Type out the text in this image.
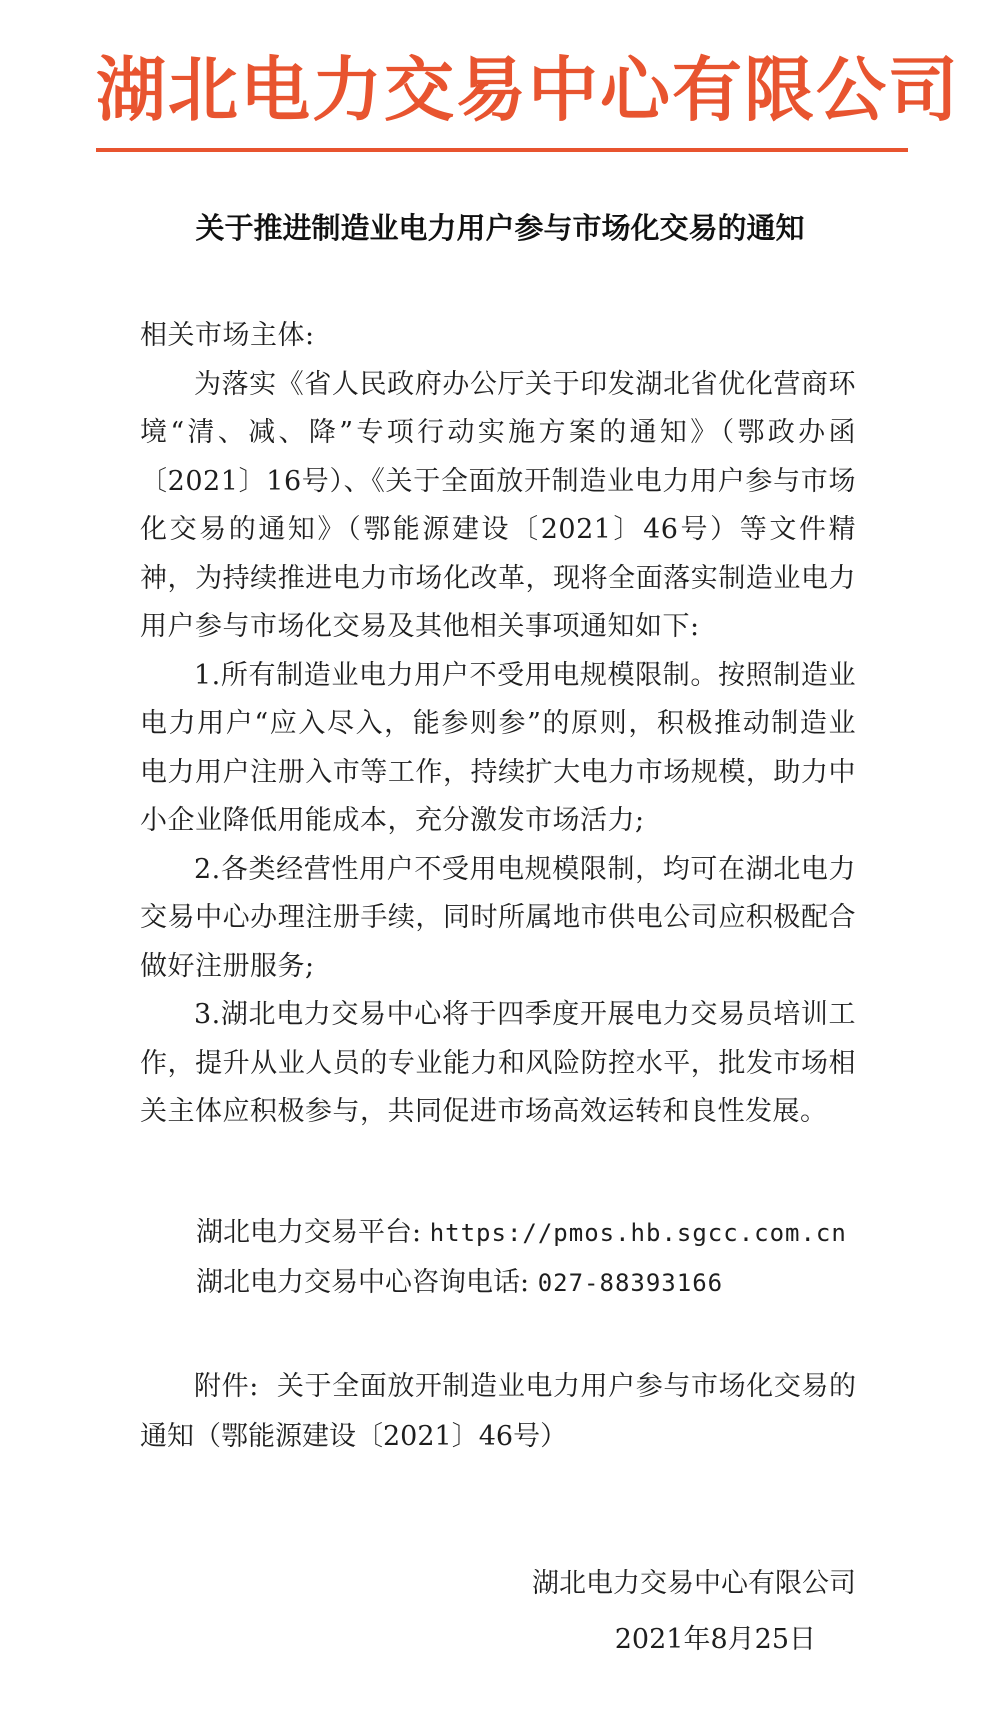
湖北电力交易中心有限公司
关于推进制造业电力用户参与市场化交易的通知

相关市场主体:

为落实《省人民政府办公厅关于印发湖北省优化营商环境“清、减、降”专项行动实施方案的通知》（鄂政办函〔2021〕16号）、《关于全面放开制造业电力用户参与市场化交易的通知》（鄂能源建设〔2021〕46号）等文件精神，为持续推进电力市场化改革，现将全面落实制造业电力用户参与市场化交易及其他相关事项通知如下:

1.所有制造业电力用户不受用电规模限制。按照制造业电力用户“应入尽入，能参则参”的原则，积极推动制造业电力用户注册入市等工作，持续扩大电力市场规模，助力中小企业降低用能成本，充分激发市场活力;

2.各类经营性用户不受用电规模限制，均可在湖北电力交易中心办理注册手续，同时所属地市供电公司应积极配合做好注册服务;

3.湖北电力交易中心将于四季度开展电力交易员培训工作，提升从业人员的专业能力和风险防控水平，批发市场相关主体应积极参与，共同促进市场高效运转和良性发展。

湖北电力交易平台: https://pmos.hb.sgcc.com.cn
湖北电力交易中心咨询电话: 027-88393166

附件: 关于全面放开制造业电力用户参与市场化交易的通知（鄂能源建设〔2021〕46号）

湖北电力交易中心有限公司
2021年8月25日
